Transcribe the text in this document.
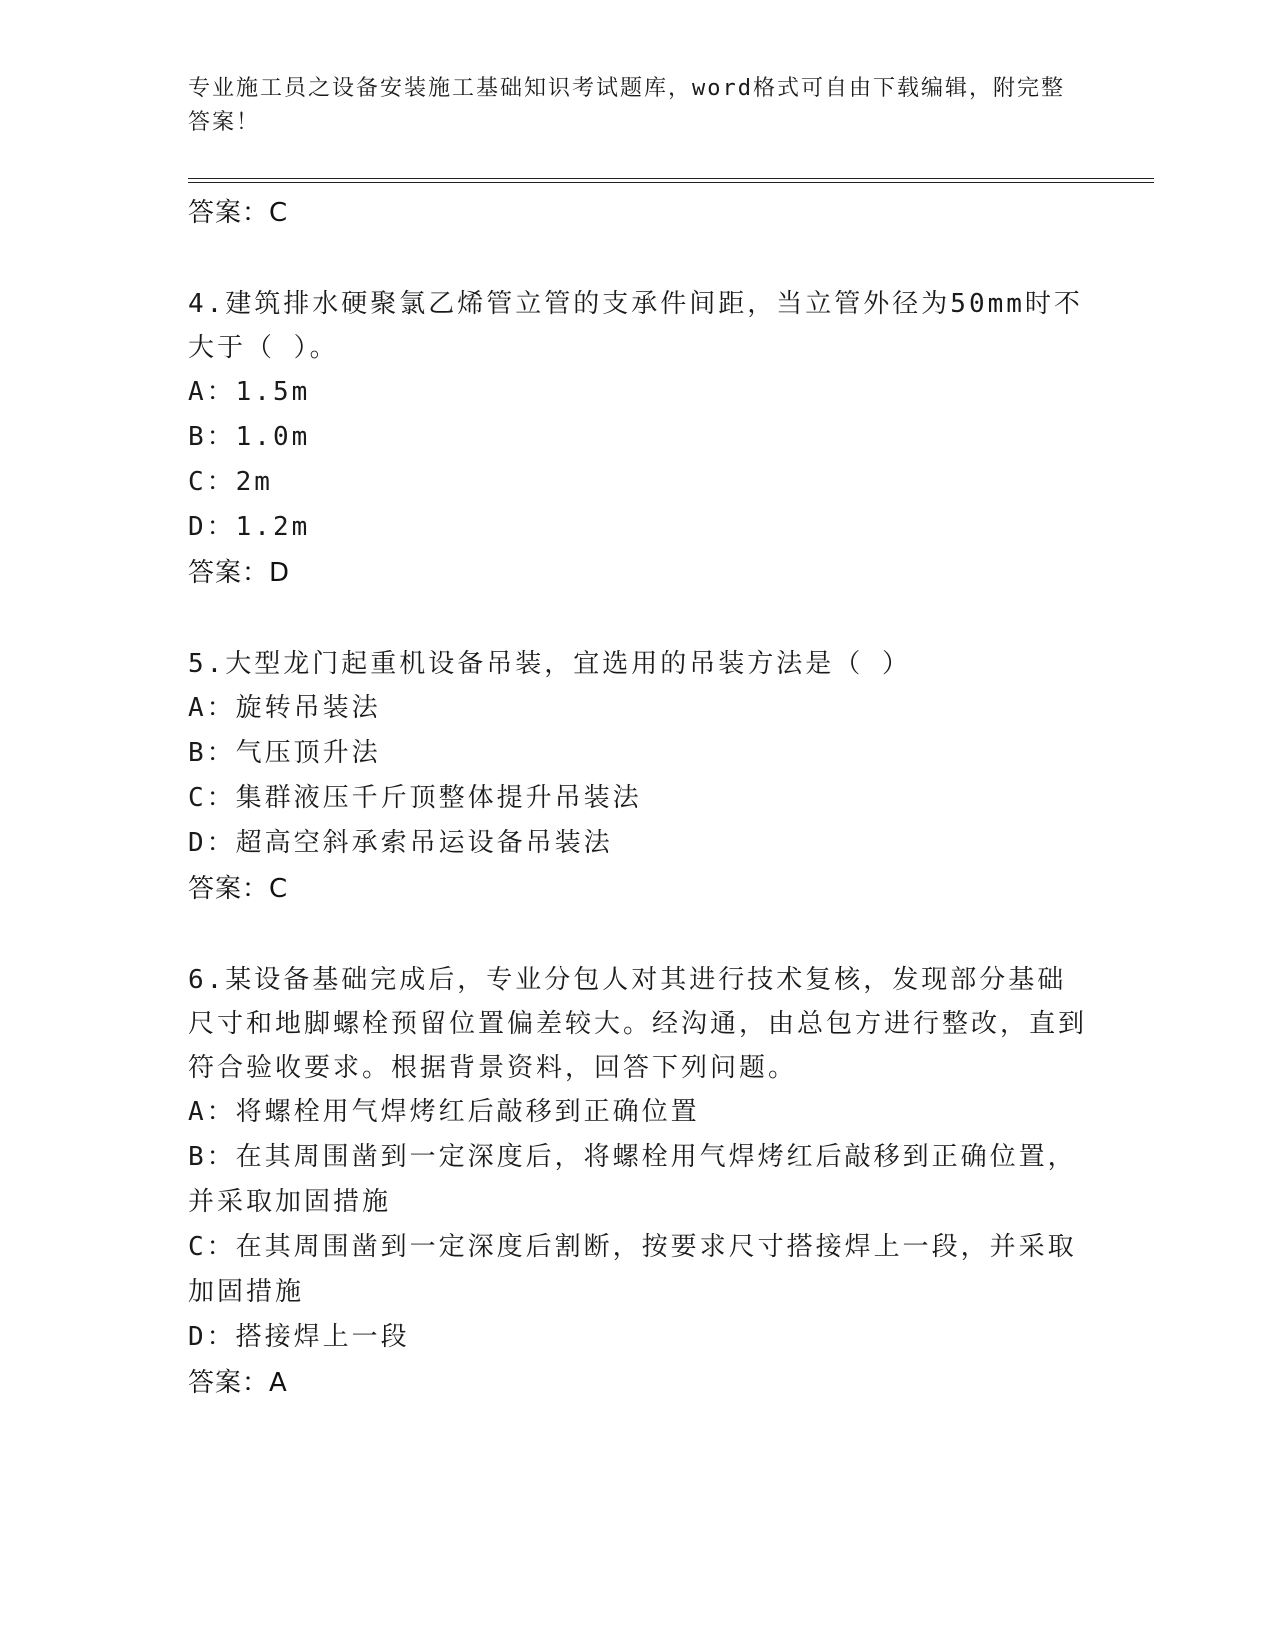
专业施工员之设备安装施工基础知识考试题库，word格式可自由下载编辑，附完整答案！
答案：C
4.建筑排水硬聚氯乙烯管立管的支承件间距，当立管外径为50mm时不大于（ ）。
A：1.5m
B：1.0m
C：2m
D：1.2m
答案：D
5.大型龙门起重机设备吊装，宜选用的吊装方法是（ ）
A：旋转吊装法
B：气压顶升法
C：集群液压千斤顶整体提升吊装法
D：超高空斜承索吊运设备吊装法
答案：C
6.某设备基础完成后，专业分包人对其进行技术复核，发现部分基础尺寸和地脚螺栓预留位置偏差较大。经沟通，由总包方进行整改，直到符合验收要求。根据背景资料，回答下列问题。
A：将螺栓用气焊烤红后敲移到正确位置
B：在其周围凿到一定深度后，将螺栓用气焊烤红后敲移到正确位置，并采取加固措施
C：在其周围凿到一定深度后割断，按要求尺寸搭接焊上一段，并采取加固措施
D：搭接焊上一段
答案：A
